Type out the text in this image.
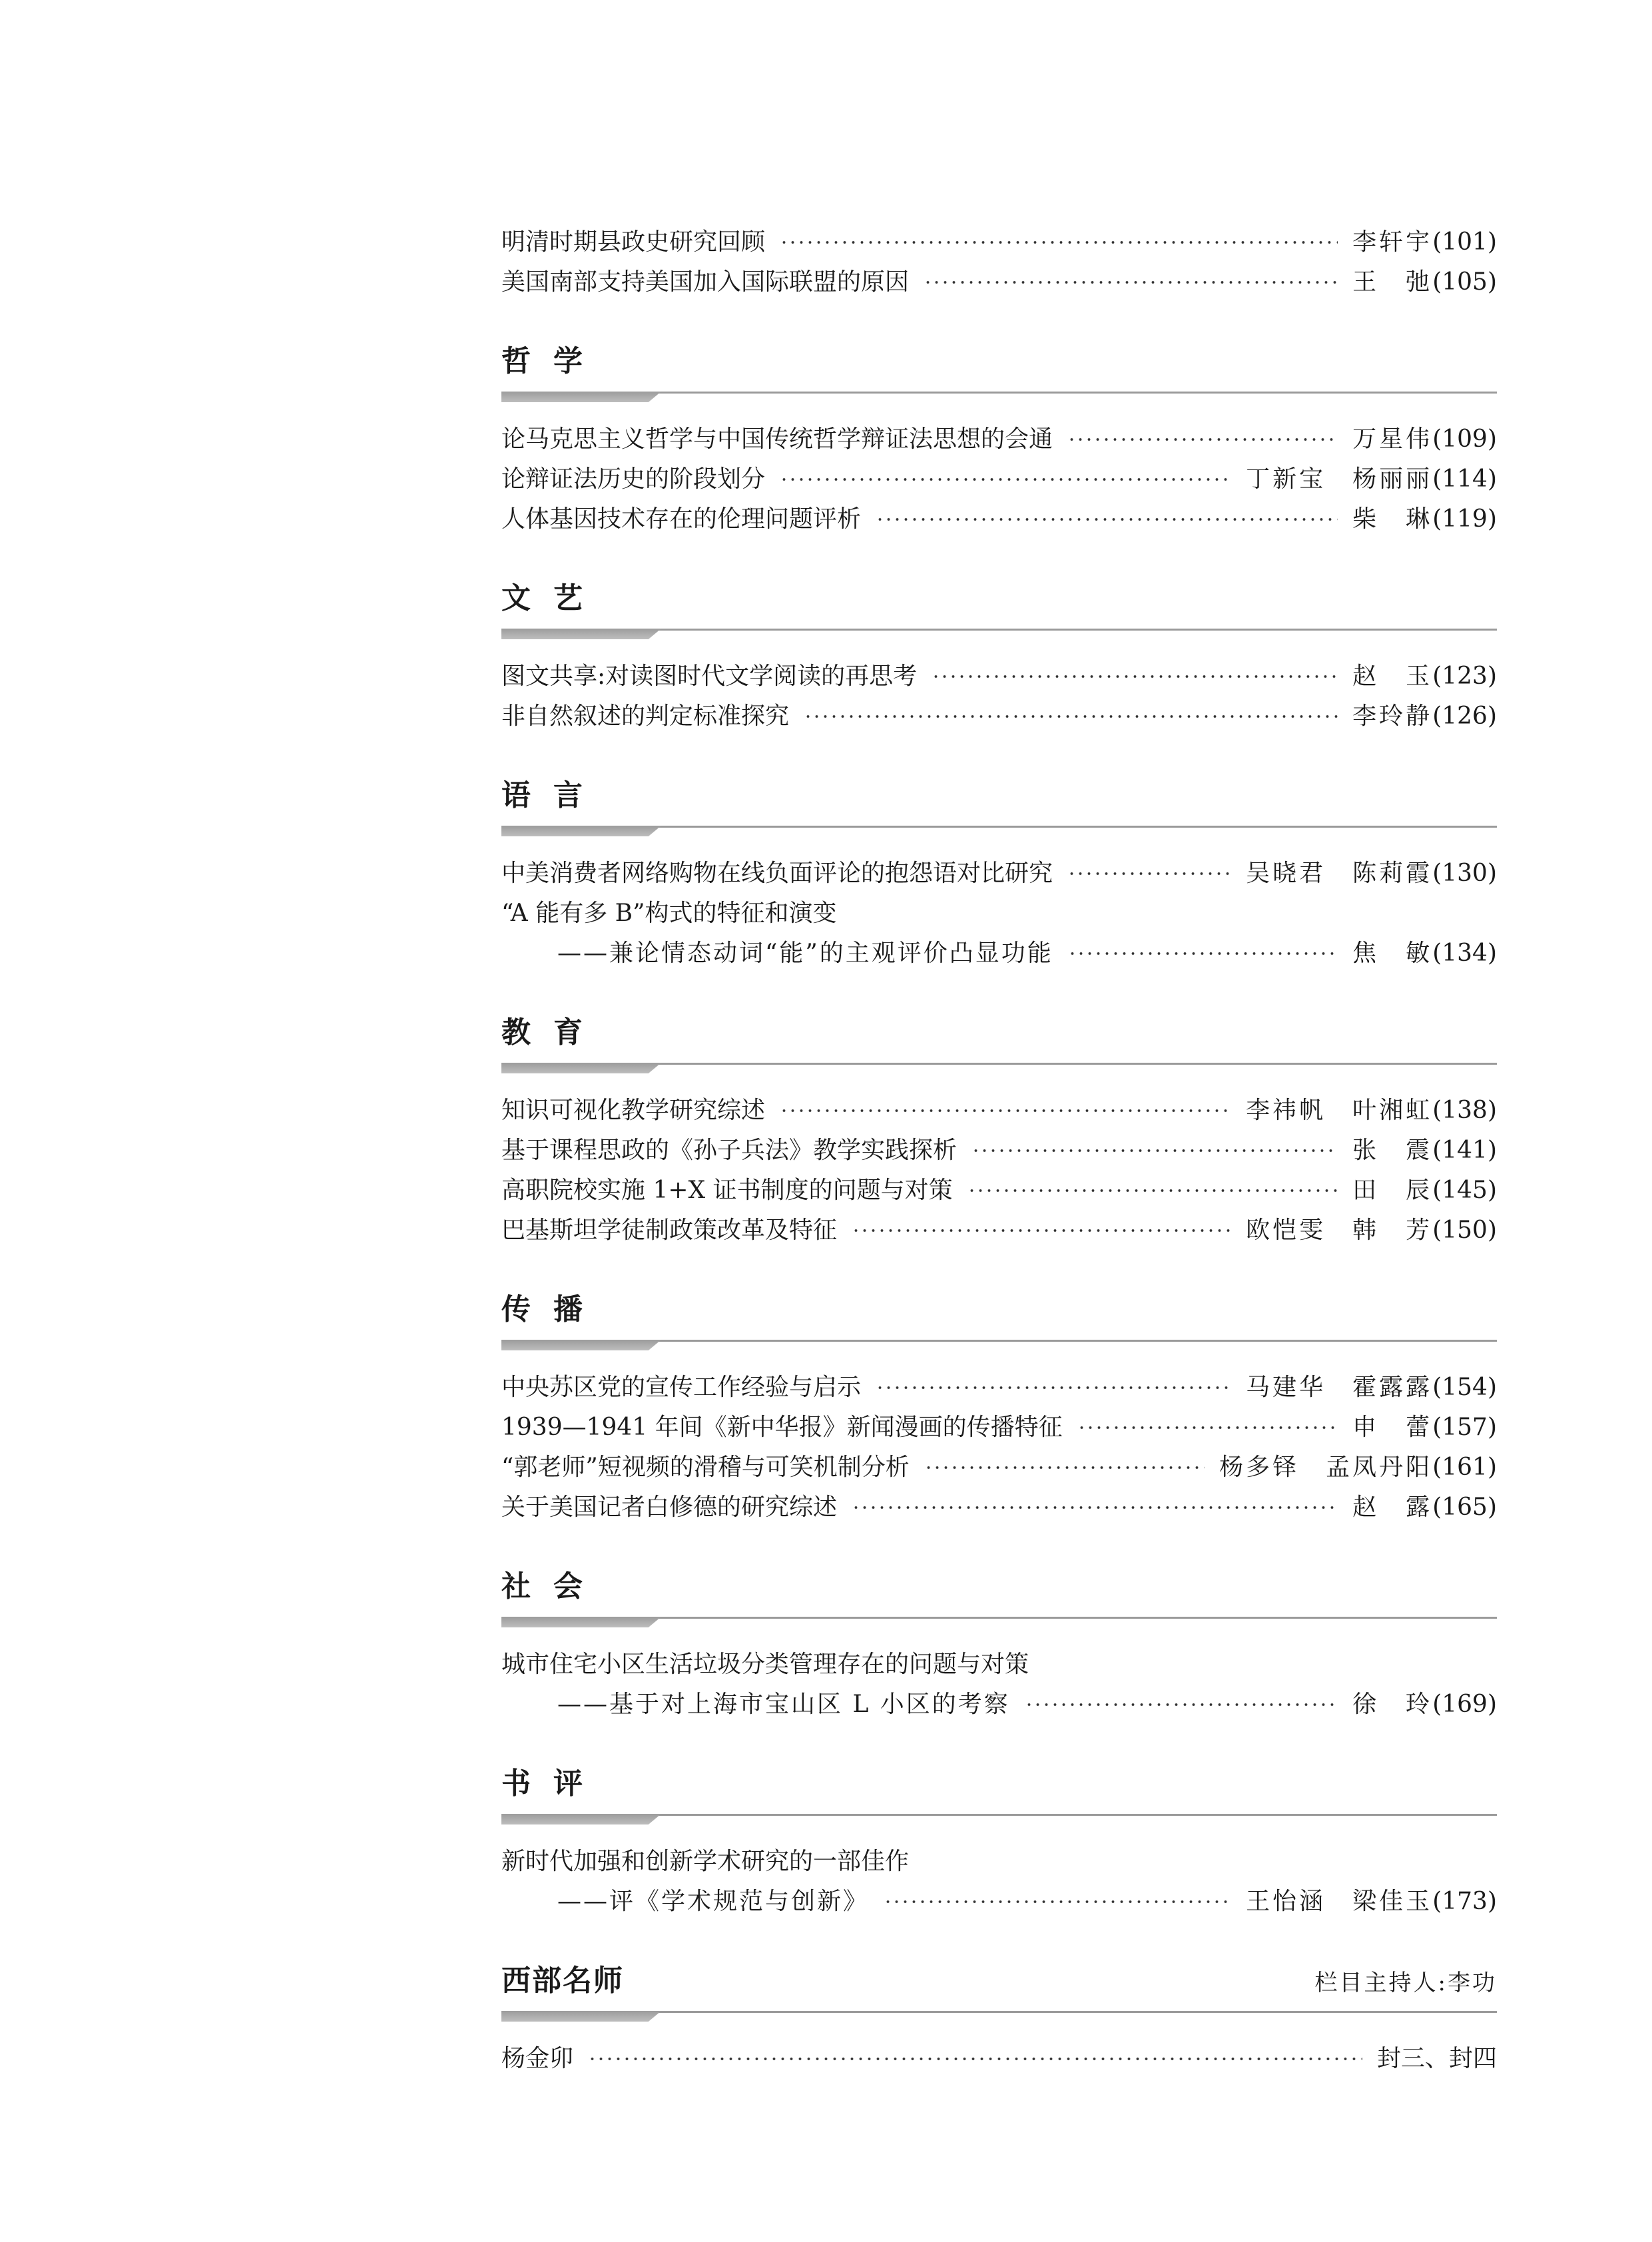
明清时期县政史研究回顾	李轩宇 (101)
美国南部支持美国加入国际联盟的原因	王 弛 (105)
哲学
论马克思主义哲学与中国传统哲学辩证法思想的会通	万星伟 (109)
论辩证法历史的阶段划分	丁新宝 杨丽丽 (114)
人体基因技术存在的伦理问题评析	柴 琳 (119)
文艺
图文共享:对读图时代文学阅读的再思考	赵 玉 (123)
非自然叙述的判定标准探究	李玲静 (126)
语言
中美消费者网络购物在线负面评论的抱怨语对比研究	吴晓君 陈莉霞 (130)
“A 能有多 B”构式的特征和演变
——兼论情态动词“能”的主观评价凸显功能	焦 敏 (134)
教育
知识可视化教学研究综述	李祎帆 叶湘虹 (138)
基于课程思政的《孙子兵法》教学实践探析	张 震 (141)
高职院校实施 1+X 证书制度的问题与对策	田 辰 (145)
巴基斯坦学徒制政策改革及特征	欧恺雯 韩 芳 (150)
传播
中央苏区党的宣传工作经验与启示	马建华 霍露露 (154)
1939—1941 年间《新中华报》新闻漫画的传播特征	申 蕾 (157)
“郭老师”短视频的滑稽与可笑机制分析	杨多铎 孟凤丹阳 (161)
关于美国记者白修德的研究综述	赵 露 (165)
社会
城市住宅小区生活垃圾分类管理存在的问题与对策
——基于对上海市宝山区 L 小区的考察	徐 玲 (169)
书评
新时代加强和创新学术研究的一部佳作
——评《学术规范与创新》	王怡涵 梁佳玉 (173)
西部名师	栏目主持人:李功
杨金卯	封三、封四
